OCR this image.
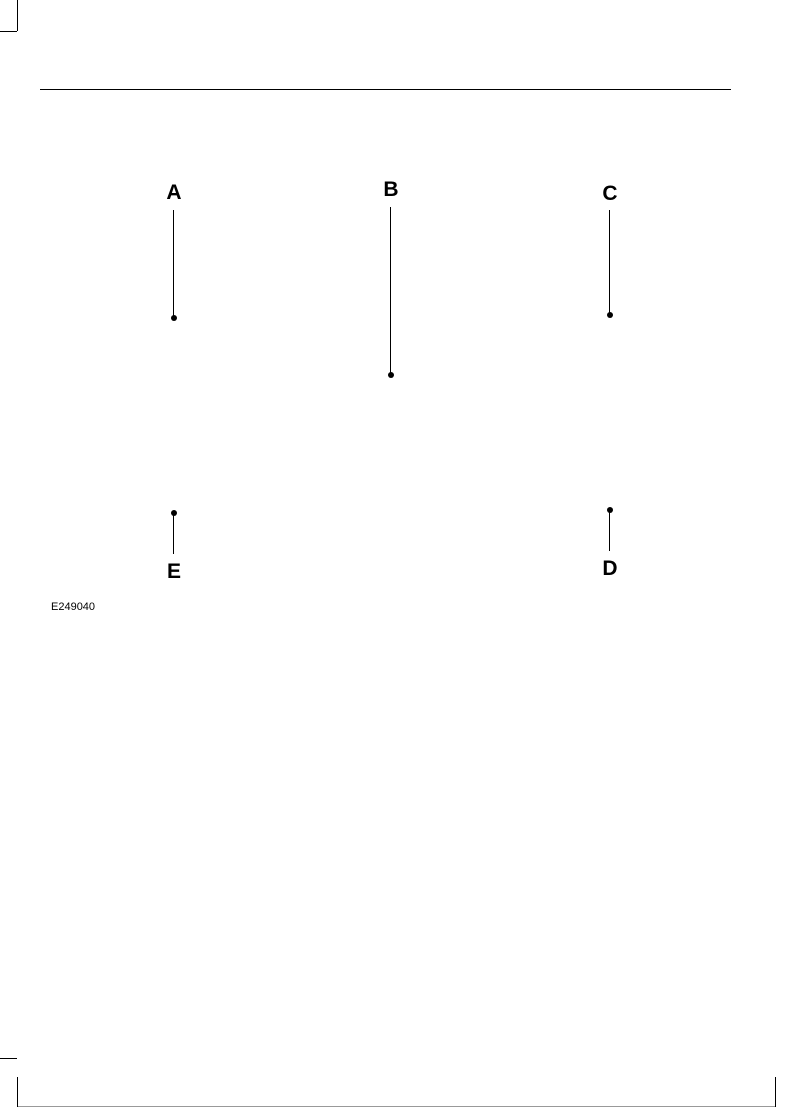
A	B	C
D
E
E249040
